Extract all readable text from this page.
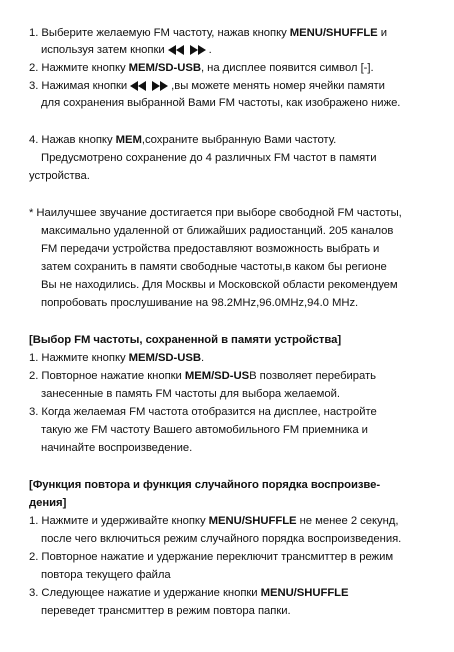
1. Выберите желаемую FM частоту, нажав кнопку MENU/SHUFFLE и
используя затем кнопки	.
2. Нажмите кнопку MEM/SD-USB, на дисплее появится символ [-].
3. Нажимая кнопки	,вы можете менять номер ячейки памяти
для сохранения выбранной Вами FM частоты, как изображено ниже.
4. Нажав кнопку MEM,сохраните выбранную Вами частоту.
Предусмотрено сохранение до 4 различных FM частот в памяти
устройства.
* Наилучшее звучание достигается при выборе свободной FM частоты,
максимально удаленной от ближайших радиостанций. 205 каналов
FM передачи устройства предоставляют возможность выбрать и
затем сохранить в памяти свободные частоты,в каком бы регионе
Вы не находились. Для Москвы и Московской области рекомендуем
попробовать прослушивание на 98.2MHz,96.0MHz,94.0 MHz.
[Выбор FM частоты, сохраненной в памяти устройства]
1. Нажмите кнопку MEM/SD-USB.
2. Повторное нажатие кнопки MEM/SD-USB позволяет перебирать
занесенные в память FM частоты для выбора желаемой.
3. Когда желаемая FM частота отобразится на дисплее, настройте
такую же FM частоту Вашего автомобильного FM приемника и
начинайте воспроизведение.
[Функция повтора и функция случайного порядка воспроизве-
дения]
1. Нажмите и удерживайте кнопку MENU/SHUFFLE не менее 2 секунд,
после чего включиться режим случайного порядка воспроизведения.
2. Повторное нажатие и удержание переключит трансмиттер в режим
повтора текущего файла
3. Следующее нажатие и удержание кнопки MENU/SHUFFLE
переведет трансмиттер в режим повтора папки.
